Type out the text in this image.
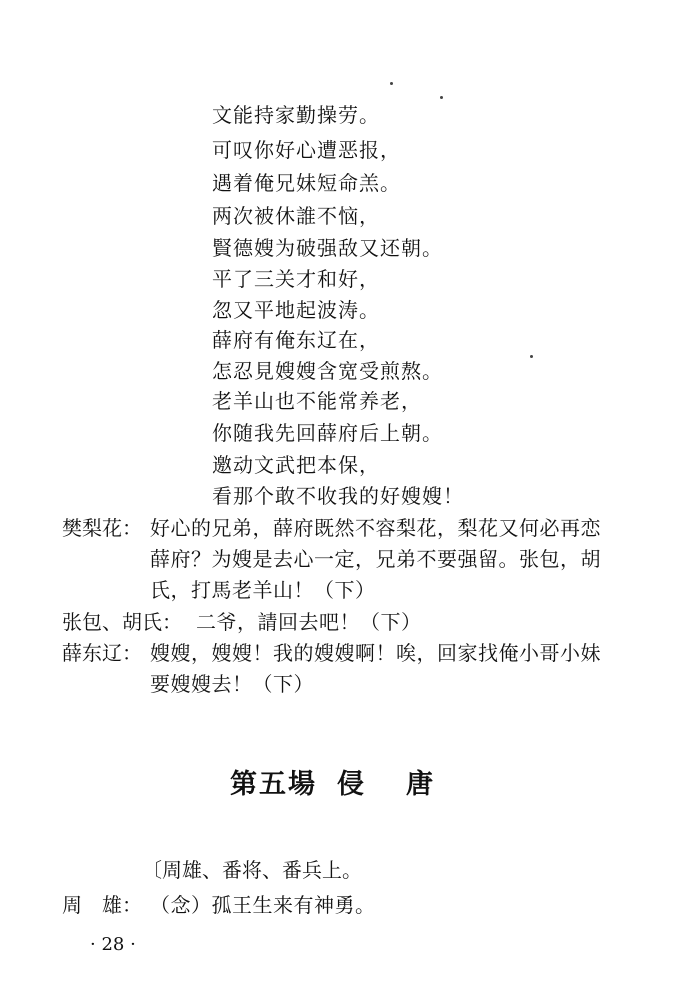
文能持家勤操劳。
可叹你好心遭恶报，
遇着俺兄妹短命羔。
两次被休誰不恼，
賢德嫂为破强敌又还朝。
平了三关才和好，
忽又平地起波涛。
薛府有俺东辽在，
怎忍見嫂嫂含宽受煎熬。
老羊山也不能常养老，
你随我先回薛府后上朝。
邀动文武把本保，
看那个敢不收我的好嫂嫂！
樊梨花： 好心的兄弟，薛府既然不容梨花，梨花又何必再恋
薛府？为嫂是去心一定，兄弟不要强留。张包，胡
氏，打馬老羊山！（下）
张包、胡氏： 二爷，請回去吧！（下）
薛东辽： 嫂嫂，嫂嫂！我的嫂嫂啊！唉，回家找俺小哥小妹
要嫂嫂去！（下）
第五場 侵 唐
〔周雄、番将、番兵上。
周　雄： （念）孤王生来有神勇。
· 28 ·
